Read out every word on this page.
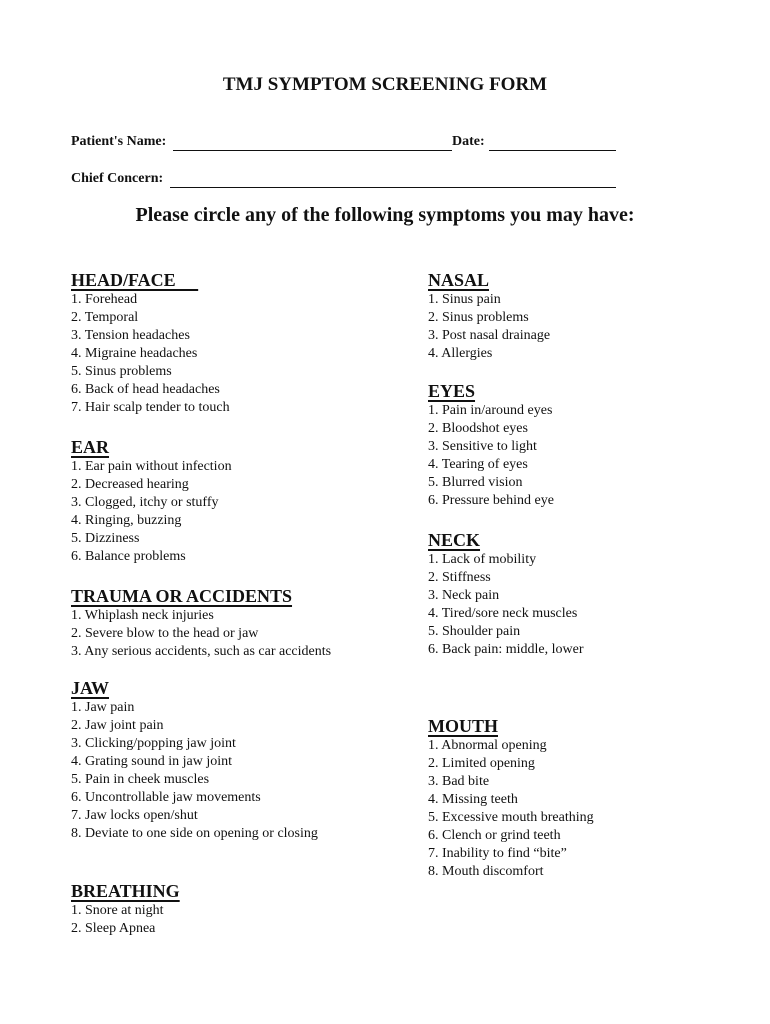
TMJ SYMPTOM SCREENING FORM
Patient's Name:	Date:
Chief Concern:
Please circle any of the following symptoms you may have:
HEAD/FACE
1. Forehead
2. Temporal
3. Tension headaches
4. Migraine headaches
5. Sinus problems
6. Back of head headaches
7. Hair scalp tender to touch
EAR
1. Ear pain without infection
2. Decreased hearing
3. Clogged, itchy or stuffy
4. Ringing, buzzing
5. Dizziness
6. Balance problems
TRAUMA OR ACCIDENTS
1. Whiplash neck injuries
2. Severe blow to the head or jaw
3. Any serious accidents, such as car accidents
JAW
1. Jaw pain
2. Jaw joint pain
3. Clicking/popping jaw joint
4. Grating sound in jaw joint
5. Pain in cheek muscles
6. Uncontrollable jaw movements
7. Jaw locks open/shut
8. Deviate to one side on opening or closing
BREATHING
1. Snore at night
2. Sleep Apnea
NASAL
1. Sinus pain
2. Sinus problems
3. Post nasal drainage
4. Allergies
EYES
1. Pain in/around eyes
2. Bloodshot eyes
3. Sensitive to light
4. Tearing of eyes
5. Blurred vision
6. Pressure behind eye
NECK
1. Lack of mobility
2. Stiffness
3. Neck pain
4. Tired/sore neck muscles
5. Shoulder pain
6. Back pain: middle, lower
MOUTH
1. Abnormal opening
2. Limited opening
3. Bad bite
4. Missing teeth
5. Excessive mouth breathing
6. Clench or grind teeth
7. Inability to find “bite”
8. Mouth discomfort
